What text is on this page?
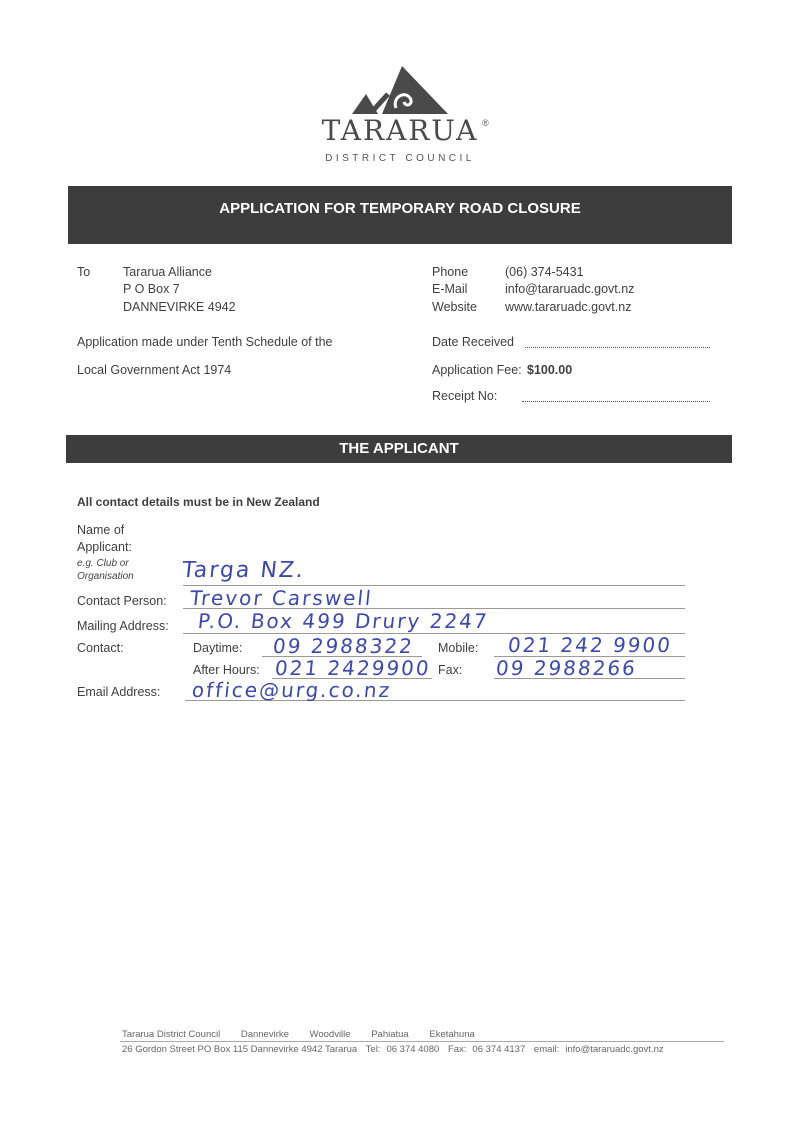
TARARUA ®
DISTRICT COUNCIL
APPLICATION FOR TEMPORARY ROAD CLOSURE
To	Tararua Alliance
P O Box 7
DANNEVIRKE 4942
Phone	(06) 374-5431
E-Mail	info@tararuadc.govt.nz
Website www.tararuadc.govt.nz
Application made under Tenth Schedule of the
Local Government Act 1974
Date Received
Application Fee: $100.00
Receipt No:
THE APPLICANT
All contact details must be in New Zealand
Name of
Applicant:
e.g. Club or
Organisation Targa NZ.
Contact Person: Trevor Carswell
Mailing Address: P.O. Box 499 Drury 2247
Contact:	Daytime: 09 2988322 Mobile: 021 242 9900
After Hours: 021 2429900 Fax: 09 2988266
Email Address: office@urg.co.nz
Tararua District Council Dannevirke Woodville Pahiatua Eketahuna
26 Gordon Street PO Box 115 Dannevirke 4942 Tararua Tel: 06 374 4080 Fax: 06 374 4137 email: info@tararuadc.govt.nz
